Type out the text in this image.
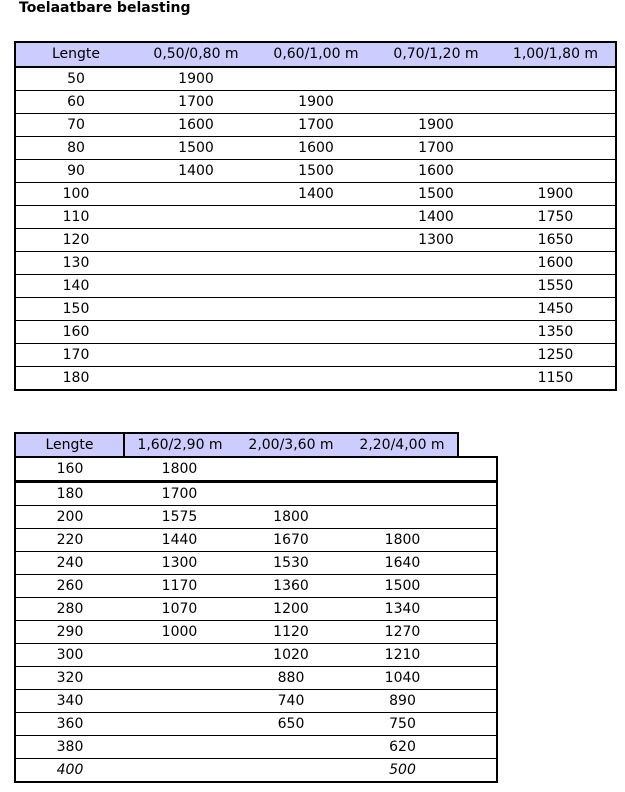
Toelaatbare belasting
Lengte	0,50/0,80 m	0,60/1,00 m	0,70/1,20 m	1,00/1,80 m
50	1900			
60	1700	1900		
70	1600	1700	1900	
80	1500	1600	1700	
90	1400	1500	1600	
100		1400	1500	1900
110			1400	1750
120			1300	1650
130				1600
140				1550
150				1450
160				1350
170				1250
180				1150
Lengte	1,60/2,90 m	2,00/3,60 m	2,20/4,00 m	
160	1800			
180	1700			
200	1575	1800		
220	1440	1670	1800	
240	1300	1530	1640	
260	1170	1360	1500	
280	1070	1200	1340	
290	1000	1120	1270	
300		1020	1210	
320		880	1040	
340		740	890	
360		650	750	
380			620	
400			500	
